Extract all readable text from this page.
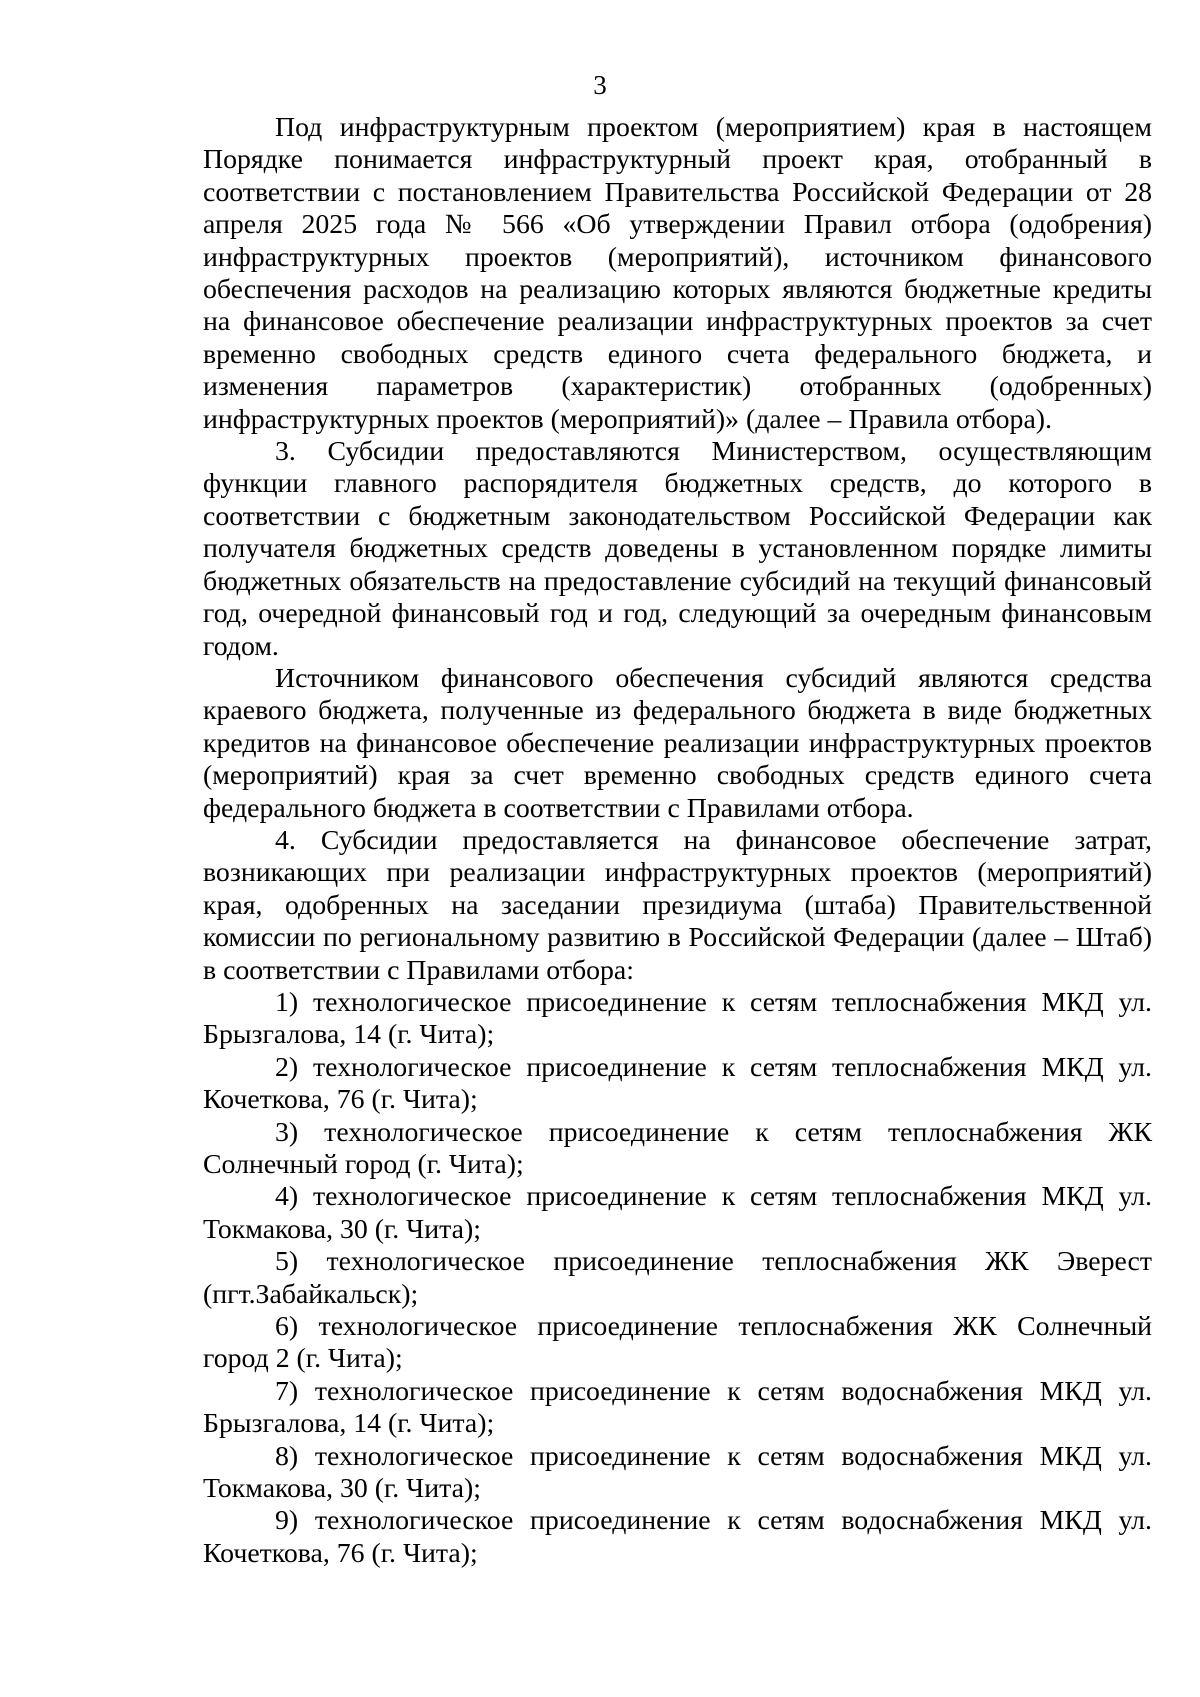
3

Под инфраструктурным проектом (мероприятием) края в настоящем Порядке понимается инфраструктурный проект края, отобранный в соответствии с постановлением Правительства Российской Федерации от 28 апреля 2025 года № 566 «Об утверждении Правил отбора (одобрения) инфраструктурных проектов (мероприятий), источником финансового обеспечения расходов на реализацию которых являются бюджетные кредиты на финансовое обеспечение реализации инфраструктурных проектов за счет временно свободных средств единого счета федерального бюджета, и изменения параметров (характеристик) отобранных (одобренных) инфраструктурных проектов (мероприятий)» (далее – Правила отбора).

3. Субсидии предоставляются Министерством, осуществляющим функции главного распорядителя бюджетных средств, до которого в соответствии с бюджетным законодательством Российской Федерации как получателя бюджетных средств доведены в установленном порядке лимиты бюджетных обязательств на предоставление субсидий на текущий финансовый год, очередной финансовый год и год, следующий за очередным финансовым годом.

Источником финансового обеспечения субсидий являются средства краевого бюджета, полученные из федерального бюджета в виде бюджетных кредитов на финансовое обеспечение реализации инфраструктурных проектов (мероприятий) края за счет временно свободных средств единого счета федерального бюджета в соответствии с Правилами отбора.

4. Субсидии предоставляется на финансовое обеспечение затрат, возникающих при реализации инфраструктурных проектов (мероприятий) края, одобренных на заседании президиума (штаба) Правительственной комиссии по региональному развитию в Российской Федерации (далее – Штаб) в соответствии с Правилами отбора:

1) технологическое присоединение к сетям теплоснабжения МКД ул. Брызгалова, 14 (г. Чита);

2) технологическое присоединение к сетям теплоснабжения МКД ул. Кочеткова, 76 (г. Чита);

3) технологическое присоединение к сетям теплоснабжения ЖК Солнечный город (г. Чита);

4) технологическое присоединение к сетям теплоснабжения МКД ул. Токмакова, 30 (г. Чита);

5) технологическое присоединение теплоснабжения ЖК Эверест (пгт.Забайкальск);

6) технологическое присоединение теплоснабжения ЖК Солнечный город 2 (г. Чита);

7) технологическое присоединение к сетям водоснабжения МКД ул. Брызгалова, 14 (г. Чита);

8) технологическое присоединение к сетям водоснабжения МКД ул. Токмакова, 30 (г. Чита);

9) технологическое присоединение к сетям водоснабжения МКД ул. Кочеткова, 76 (г. Чита);
